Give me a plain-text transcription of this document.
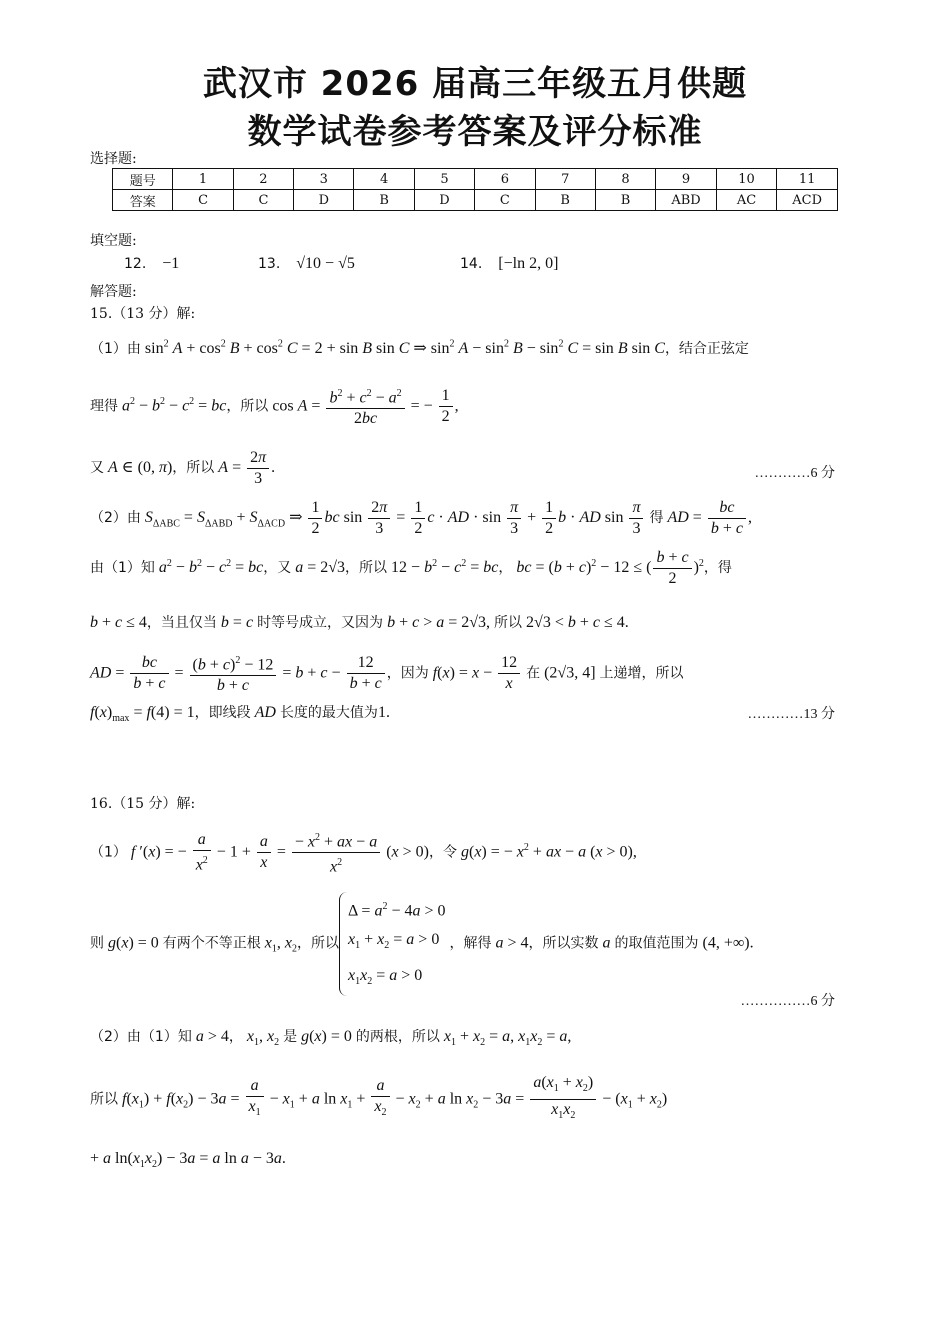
武汉市 2026 届高三年级五月供题
数学试卷参考答案及评分标准
选择题:
题号	1	2	3	4	5	6	7	8	9	10	11
答案	C	C	D	B	D	C	B	B	ABD	AC	ACD
填空题:
12. −1	13. √10 − √5	14. [−ln 2, 0]
解答题:
15.（13 分）解:
（1）由 $\sin^2 A + \cos^2 B + \cos^2 C = 2 + \sin B$ sin C ⇒ $\sin^2 A - \sin^2 B - \sin^2 C = \sin B$ sin C，结合正弦定
理得 $a^2 - b^2 - c^2$ = bc，所以 $\cos A = \frac{b^2 + c^2 - a^2}{2bc}$ = − $\frac{1}{2}$ ,
又 A ∈ (0, π)，所以 $A = \frac{2\pi}{3}$ .	…………6 分
（2）由 $S_{\Delta ABC} = S_{\Delta ABD} + S_{\Delta ACD}$ ⇒ $\frac{1}{2}$ bc $\sin \frac{2\pi}{3} = \frac{1}{2}$ c · AD · $\sin \frac{\pi}{3} + \frac{1}{2}$ b · AD $\sin \frac{\pi}{3}$ 得 AD = $\frac{bc}{b + c}$ ,
由（1）知 $a^2 - b^2 - c^2$ = bc，又 a = 2√3，所以 $12 - b^2 - c^2$ = bc， bc = $(b + c)^2 - 12$ ≤ ( $\frac{b + c}{2} )^2$，得
b + c ≤ 4，当且仅当 b = c 时等号成立，又因为 b + c > a = 2√3, 所以 2√3 < b + c ≤ 4.
AD = $\frac{bc}{b + c} = \frac{(b + c)^2 - 12}{b + c} = b + c - \frac{12}{b + c}$ ，因为 $f(x) = x - \frac{12}{x}$ 在 (2√3, 4] 上递增，所以
$f(x)_{max} = f(4) = 1$，即线段 AD 长度的最大值为1.	…………13 分
16.（15 分）解:
（1） f ′(x) = − $\frac{a}{x^2} - 1 + \frac{a}{x} = \frac{- x^2 + ax - a}{x^2} (x > 0)$，令 g(x) = − $x^2$ + ax − a (x > 0),
则 g(x) = 0 有两个不等正根 $x_1$, $x_2$，所以
$\Delta = a^2 - 4a > 0$
$x_1 + x_2 = a > 0$
$x_1x_2 = a > 0$
，解得 a > 4，所以实数 a 的取值范围为 (4, +∞).
……………6 分
（2）由（1）知 a > 4， $x_1$, $x_2$ 是 g(x) = 0 的两根，所以 $x_1 + x_2 = a$, $x_1x_2 = a$,
所以 $f(x_1) + f(x_2) - 3a = \frac{a}{x_1} - x_1 + a$ $\ln x_1 + \frac{a}{x_2} - x_2 + a$ $\ln x_2 - 3a = \frac{a(x_1 + x_2)}{x_1x_2} - (x_1 + x_2)$
+ a $\ln(x_1x_2) - 3a = a$ ln a − 3a.
